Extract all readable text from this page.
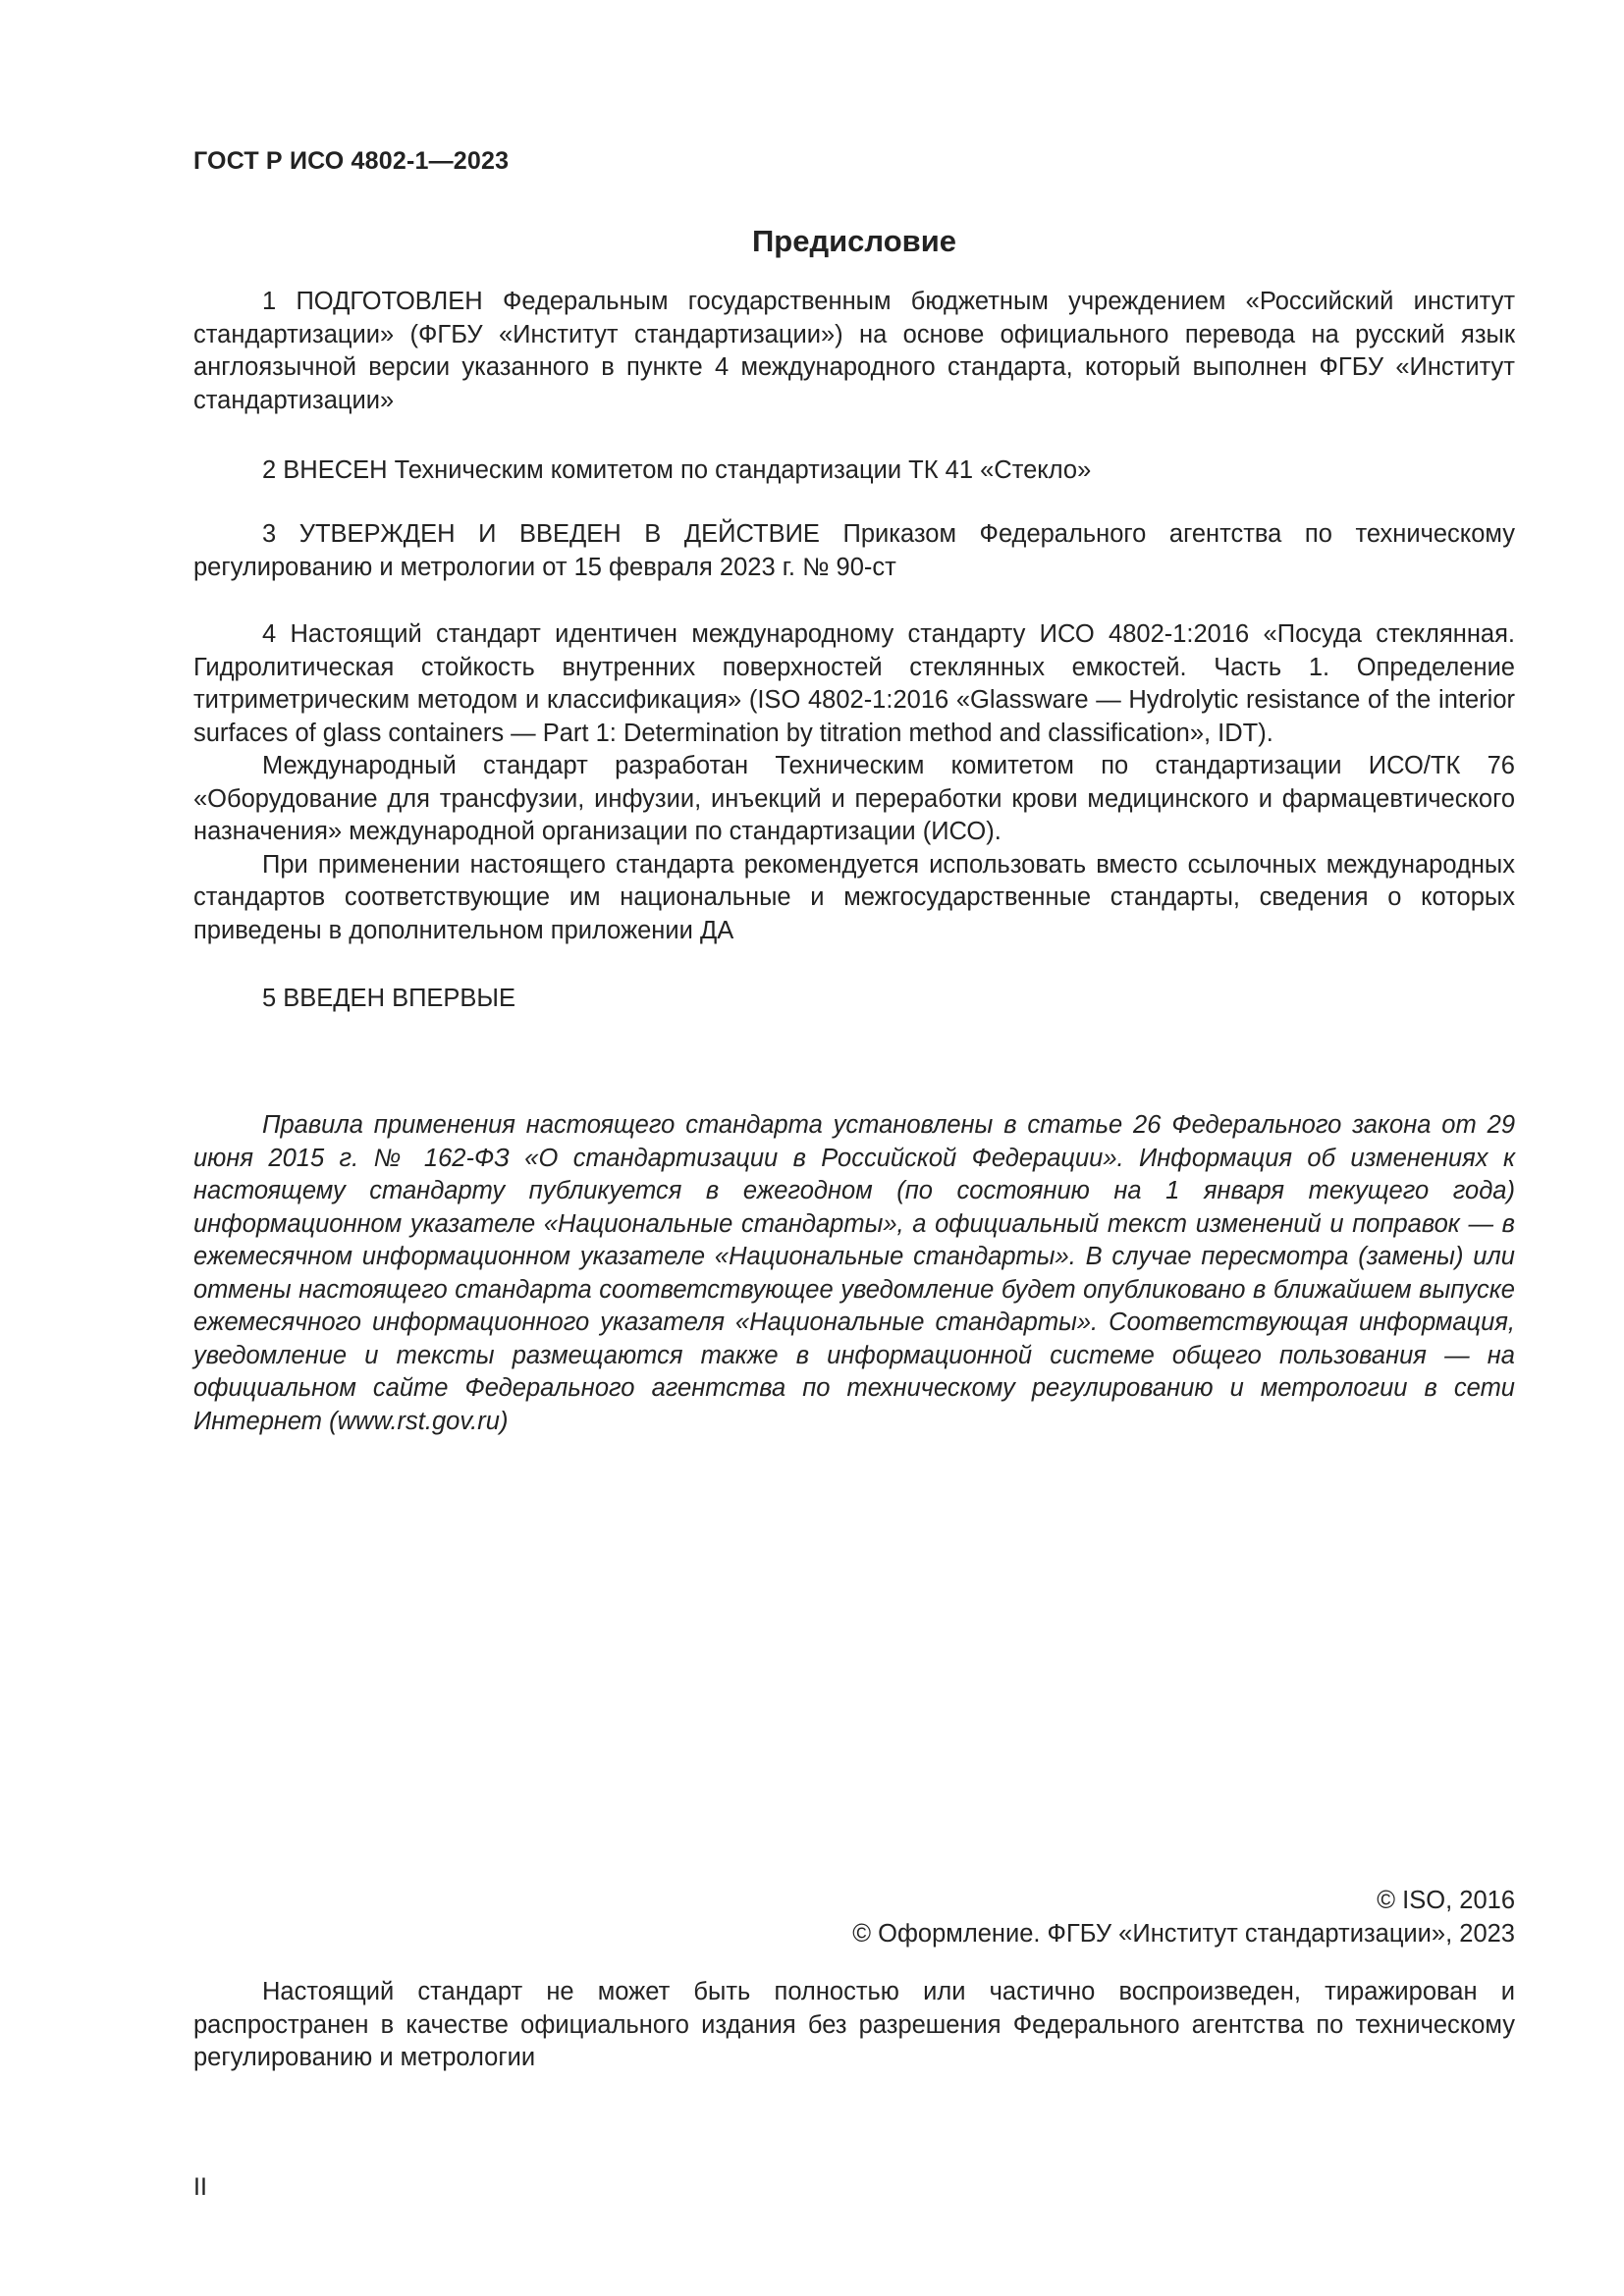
ГОСТ Р ИСО 4802-1—2023
Предисловие

1 ПОДГОТОВЛЕН Федеральным государственным бюджетным учреждением «Российский институт стандартизации» (ФГБУ «Институт стандартизации») на основе официального перевода на русский язык англоязычной версии указанного в пункте 4 международного стандарта, который выполнен ФГБУ «Институт стандартизации»

2 ВНЕСЕН Техническим комитетом по стандартизации ТК 41 «Стекло»

3 УТВЕРЖДЕН И ВВЕДЕН В ДЕЙСТВИЕ Приказом Федерального агентства по техническому регулированию и метрологии от 15 февраля 2023 г. № 90-ст

4 Настоящий стандарт идентичен международному стандарту ИСО 4802-1:2016 «Посуда стеклянная. Гидролитическая стойкость внутренних поверхностей стеклянных емкостей. Часть 1. Определение титриметрическим методом и классификация» (ISO 4802-1:2016 «Glassware — Hydrolytic resistance of the interior surfaces of glass containers — Part 1: Determination by titration method and classification», IDT).

Международный стандарт разработан Техническим комитетом по стандартизации ИСО/ТК 76 «Оборудование для трансфузии, инфузии, инъекций и переработки крови медицинского и фармацевтического назначения» международной организации по стандартизации (ИСО).

При применении настоящего стандарта рекомендуется использовать вместо ссылочных международных стандартов соответствующие им национальные и межгосударственные стандарты, сведения о которых приведены в дополнительном приложении ДА

5 ВВЕДЕН ВПЕРВЫЕ

Правила применения настоящего стандарта установлены в статье 26 Федерального закона от 29 июня 2015 г. № 162-ФЗ «О стандартизации в Российской Федерации». Информация об изменениях к настоящему стандарту публикуется в ежегодном (по состоянию на 1 января текущего года) информационном указателе «Национальные стандарты», а официальный текст изменений и поправок — в ежемесячном информационном указателе «Национальные стандарты». В случае пересмотра (замены) или отмены настоящего стандарта соответствующее уведомление будет опубликовано в ближайшем выпуске ежемесячного информационного указателя «Национальные стандарты». Соответствующая информация, уведомление и тексты размещаются также в информационной системе общего пользования — на официальном сайте Федерального агентства по техническому регулированию и метрологии в сети Интернет (www.rst.gov.ru)

© ISO, 2016
© Оформление. ФГБУ «Институт стандартизации», 2023

Настоящий стандарт не может быть полностью или частично воспроизведен, тиражирован и распространен в качестве официального издания без разрешения Федерального агентства по техническому регулированию и метрологии

II
